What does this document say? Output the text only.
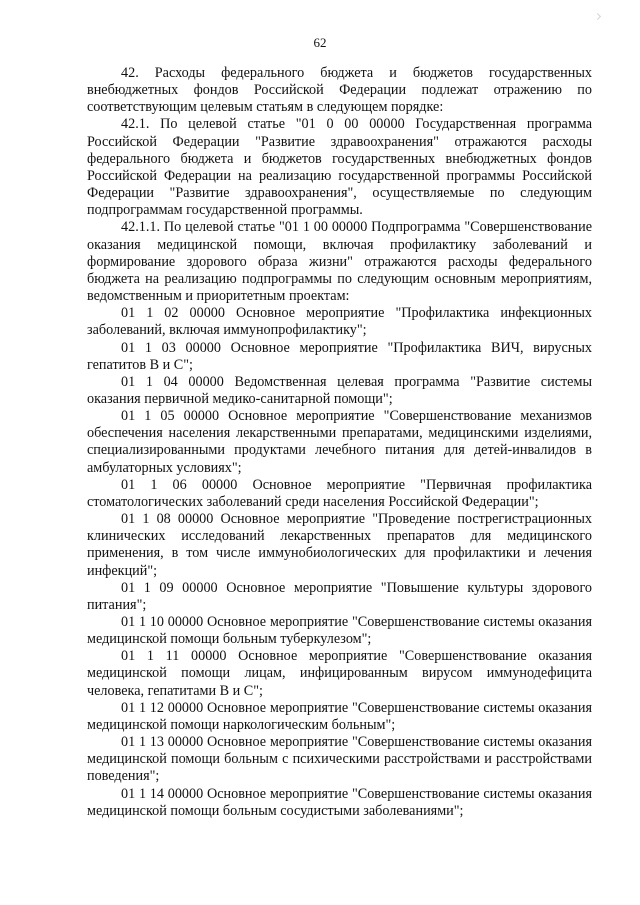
62

42. Расходы федерального бюджета и бюджетов государственных внебюджетных фондов Российской Федерации подлежат отражению по соответствующим целевым статьям в следующем порядке:

42.1. По целевой статье "01 0 00 00000 Государственная программа Российской Федерации "Развитие здравоохранения" отражаются расходы федерального бюджета и бюджетов государственных внебюджетных фондов Российской Федерации на реализацию государственной программы Российской Федерации "Развитие здравоохранения", осуществляемые по следующим подпрограммам государственной программы.

42.1.1. По целевой статье "01 1 00 00000 Подпрограмма "Совершенствование оказания медицинской помощи, включая профилактику заболеваний и формирование здорового образа жизни" отражаются расходы федерального бюджета на реализацию подпрограммы по следующим основным мероприятиям, ведомственным и приоритетным проектам:

01 1 02 00000 Основное мероприятие "Профилактика инфекционных заболеваний, включая иммунопрофилактику";

01 1 03 00000 Основное мероприятие "Профилактика ВИЧ, вирусных гепатитов B и C";

01 1 04 00000 Ведомственная целевая программа "Развитие системы оказания первичной медико-санитарной помощи";

01 1 05 00000 Основное мероприятие "Совершенствование механизмов обеспечения населения лекарственными препаратами, медицинскими изделиями, специализированными продуктами лечебного питания для детей-инвалидов в амбулаторных условиях";

01 1 06 00000 Основное мероприятие "Первичная профилактика стоматологических заболеваний среди населения Российской Федерации";

01 1 08 00000 Основное мероприятие "Проведение пострегистрационных клинических исследований лекарственных препаратов для медицинского применения, в том числе иммунобиологических для профилактики и лечения инфекций";

01 1 09 00000 Основное мероприятие "Повышение культуры здорового питания";

01 1 10 00000 Основное мероприятие "Совершенствование системы оказания медицинской помощи больным туберкулезом";

01 1 11 00000 Основное мероприятие "Совершенствование оказания медицинской помощи лицам, инфицированным вирусом иммунодефицита человека, гепатитами B и C";

01 1 12 00000 Основное мероприятие "Совершенствование системы оказания медицинской помощи наркологическим больным";

01 1 13 00000 Основное мероприятие "Совершенствование системы оказания медицинской помощи больным с психическими расстройствами и расстройствами поведения";

01 1 14 00000 Основное мероприятие "Совершенствование системы оказания медицинской помощи больным сосудистыми заболеваниями";
